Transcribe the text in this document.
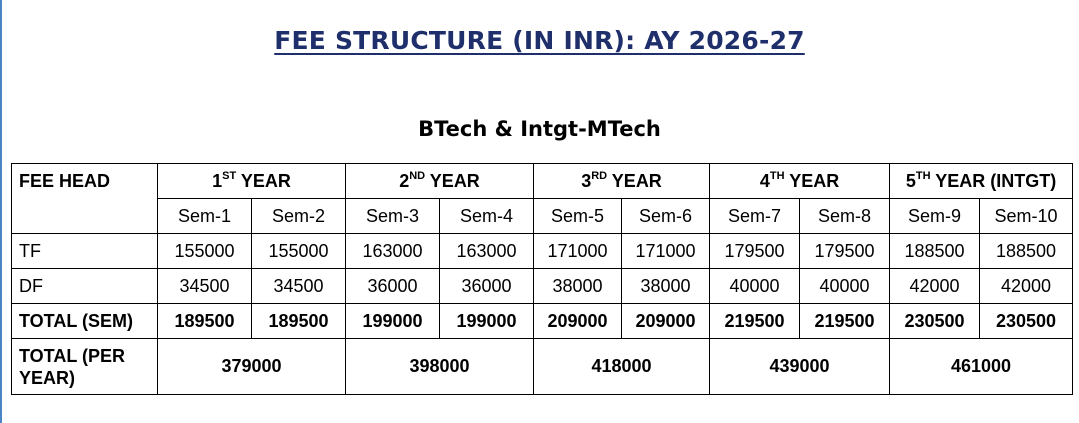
FEE STRUCTURE (IN INR): AY 2026-27
BTech & Intgt-MTech
FEE HEAD	1ST YEAR		2ND YEAR		3RD YEAR		4TH YEAR		5TH YEAR (INTGT)	
	Sem-1	Sem-2	Sem-3	Sem-4	Sem-5	Sem-6	Sem-7	Sem-8	Sem-9	Sem-10
TF	155000	155000	163000	163000	171000	171000	179500	179500	188500	188500
DF	34500	34500	36000	36000	38000	38000	40000	40000	42000	42000
TOTAL (SEM)	189500	189500	199000	199000	209000	209000	219500	219500	230500	230500
TOTAL (PER YEAR)	379000		398000		418000		439000		461000	
